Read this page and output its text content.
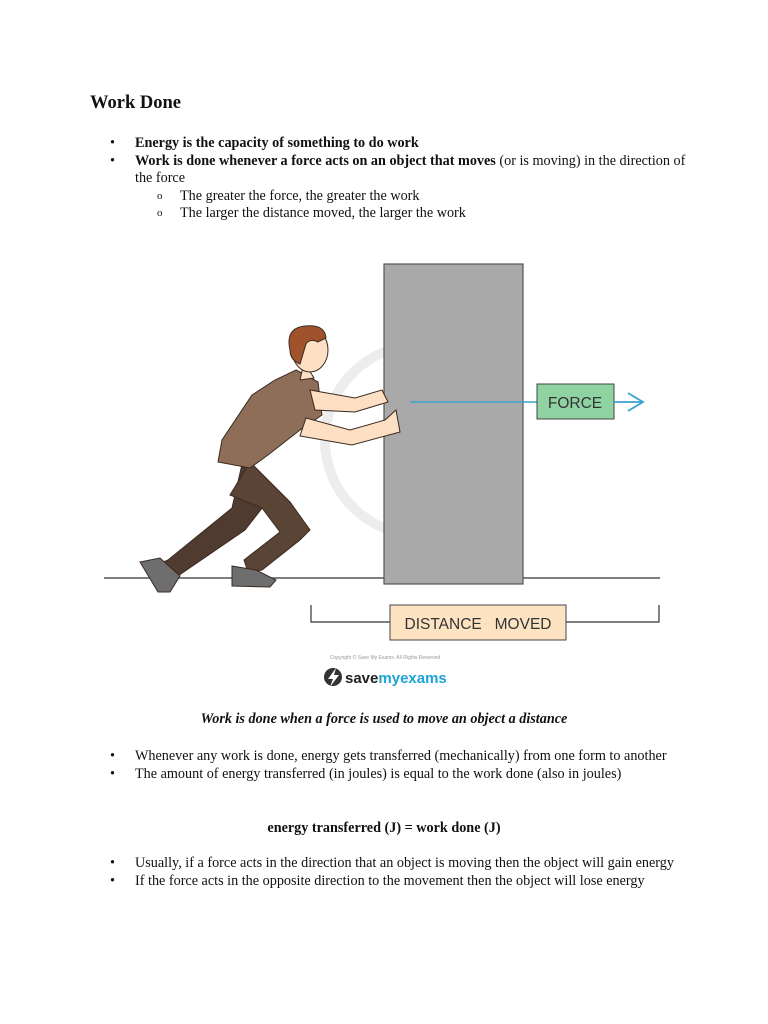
Work Done
• Energy is the capacity of something to do work
• Work is done whenever a force acts on an object that moves (or is moving) in the direction of the force
o The greater the force, the greater the work
o The larger the distance moved, the larger the work
FORCE
DISTANCE   MOVED
Copyright © Save My Exams. All Rights Reserved
savemyexams
Work is done when a force is used to move an object a distance
• Whenever any work is done, energy gets transferred (mechanically) from one form to another
• The amount of energy transferred (in joules) is equal to the work done (also in joules)
energy transferred (J) = work done (J)
• Usually, if a force acts in the direction that an object is moving then the object will gain energy
• If the force acts in the opposite direction to the movement then the object will lose energy
